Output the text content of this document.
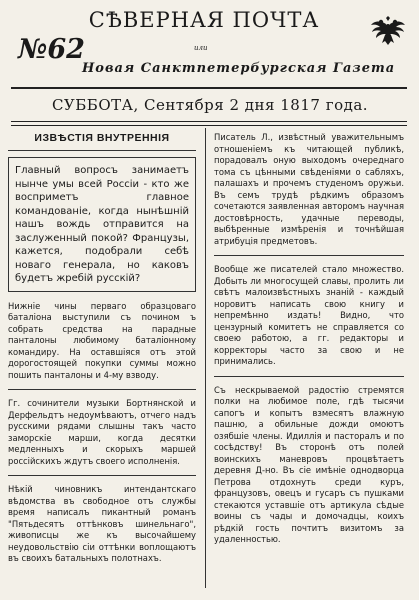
СѢВЕРНАЯ ПОЧТА
№62	или
Новая Санктпетербургская Газета
СУББОТА, Сентября 2 дня 1817 года.
ИЗВѢСТІЯ ВНУТРЕННІЯ
Главный вопросъ занимаетъ нынче умы всей Россіи - кто же восприметъ главное командованіе, когда нынѣшній нашъ вождь отправится на заслуженный покой? Французы, кажется, подобрали себѣ новаго генерала, но каковъ будетъ жребій русскій?

Нижніе чины перваго образцоваго баталіона выступили съ почином ъ собрать средства на парадные панталоны любимому баталіонному командиру. На оставшіяся отъ этой дорогостоящей покупки суммы можно пошить панталоны и 4-му взводу.

Гг. сочинители музыки Бортнянской и Дерфельдтъ недоумѣваютъ, отчего надъ русскими рядами слышны такъ часто заморскіе марши, когда десятки медленныхъ и скорыхъ маршей россійскихъ ждутъ своего исполненія.

Нѣкій чиновникъ интендантскаго вѣдомства въ свободное отъ службы время написалъ пикантный романъ "Пятьдесятъ оттѣнковъ шинельнаго", живописцы же къ высочайшему неудовольствію сіи оттѣнки воплощаютъ въ своихъ батальныхъ полотнахъ.

Писатель Л., извѣстный уважительнымъ отношеніемъ къ читающей публикѣ, порадовалъ оную выходомъ очереднаго тома съ цѣнными свѣденіями о сабляхъ, палашахъ и прочемъ студеномъ оружьи. Въ семъ трудѣ рѣдкимъ образомъ сочетаются заявленная авторомъ научная достовѣрность, удачные переводы, выбѣренные измѣренія и точнѣйшая атрибуція предметовъ.

Вообще же писателей стало множество. Добыть ли многосущей славы, пролить ли свѣтъ малоизвѣстныхъ знаній - каждый норовитъ написать свою книгу и непремѣнно издать! Видно, что цензурный комитетъ не справляется со своею работою, а гг. редакторы и корректоры часто за свою и не принимались.

Съ нескрываемой радостію стремятся полки на любимое поле, гдѣ тысячи сапогъ и копытъ взмесятъ влажную пашню, а обильные дожди омоютъ озябшіе члены. Идиллія и пасторалъ и по сосѣдству! Въ сторонѣ отъ полей воинскихъ маневровъ процвѣтаетъ деревня Д-но. Въ сіе имѣніе однодворца Петрова отдохнуть среди куръ, французовъ, овецъ и гусаръ съ пушками стекаются уставшіе отъ артикула сѣдые воины съ чады и домочадцы, коихъ рѣдкій гость почтитъ визитомъ за удаленностью.
